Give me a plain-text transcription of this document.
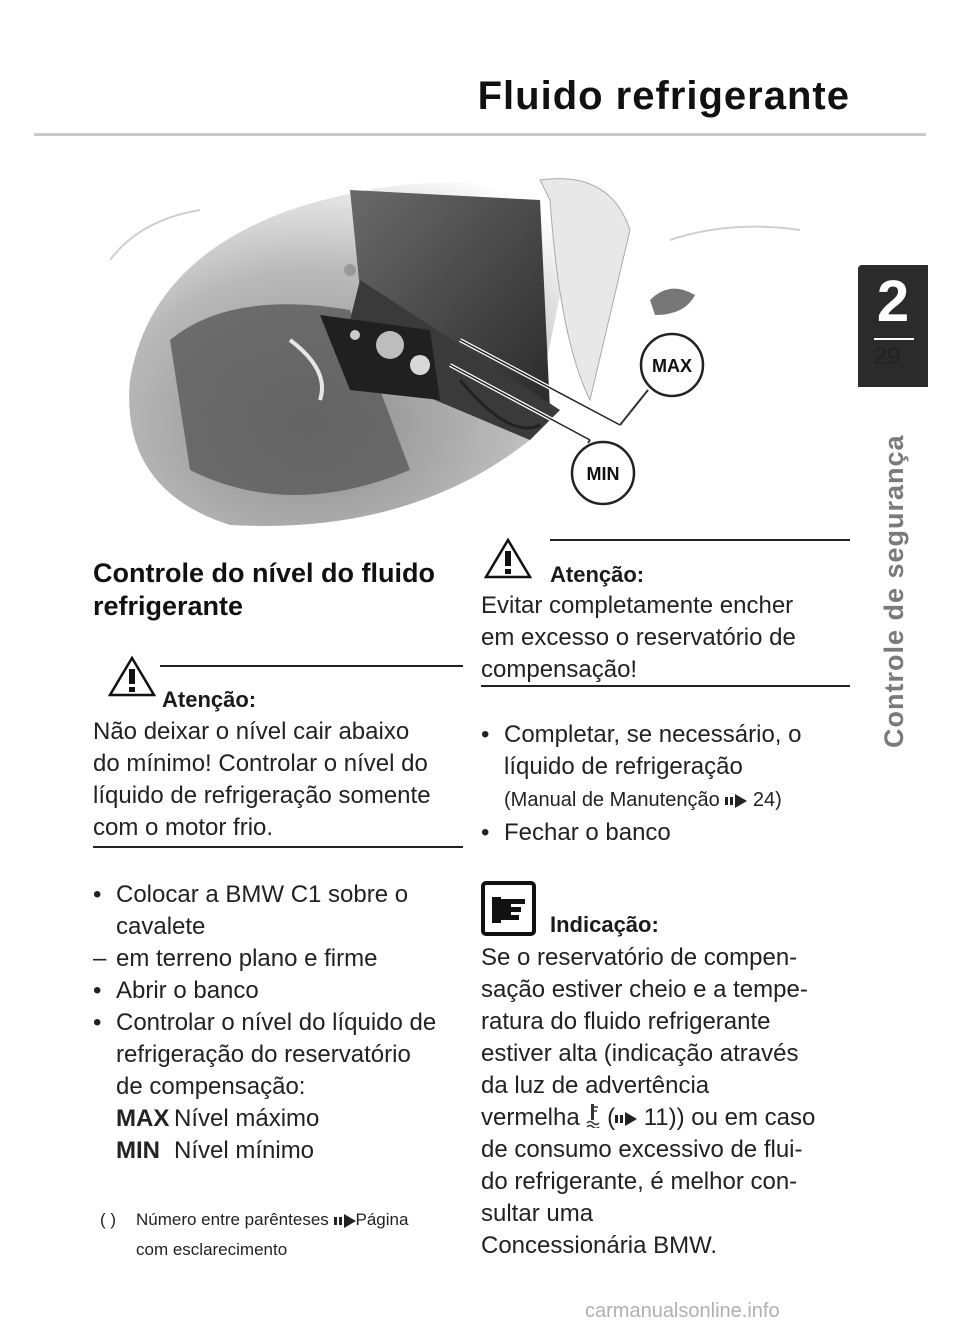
Fluido refrigerante
2
29
Controle de segurança
MAX
MIN
Controle do nível do fluido refrigerante
Atenção:
Não deixar o nível cair abaixo
do mínimo! Controlar o nível do
líquido de refrigeração somente
com o motor frio.
• Colocar a BMW C1 sobre o
cavalete
– em terreno plano e firme
• Abrir o banco
• Controlar o nível do líquido de
refrigeração do reservatório
de compensação:
MAX Nível máximo
MIN Nível mínimo
( ) Número entre parênteses Página
com esclarecimento
Atenção:
Evitar completamente encher
em excesso o reservatório de
compensação!
• Completar, se necessário, o
líquido de refrigeração
(Manual de Manutenção 24)
• Fechar o banco
Indicação:
Se o reservatório de compen-
sação estiver cheio e a tempe-
ratura do fluido refrigerante
estiver alta (indicação através
da luz de advertência
vermelha ( 11)) ou em caso
de consumo excessivo de flui-
do refrigerante, é melhor con-
sultar uma
Concessionária BMW.
carmanualsonline.info
